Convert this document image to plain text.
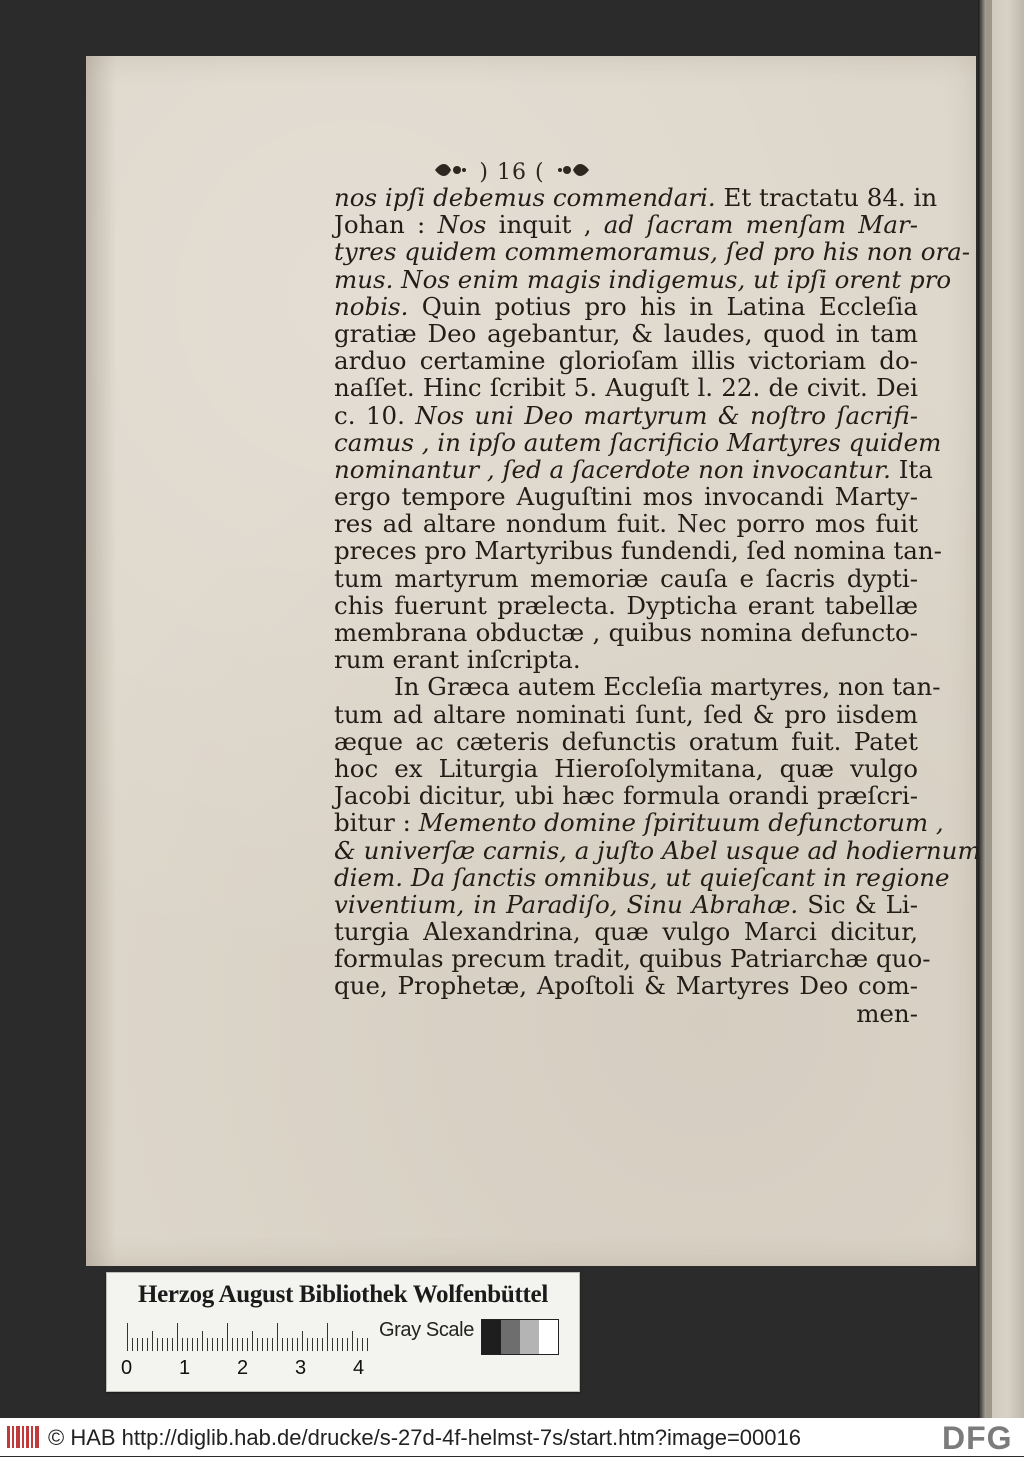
) 16 (
nos ipſi debemus commendari. Et tractatu 84. in
Johan : Nos inquit , ad ſacram menſam Mar-
tyres quidem commemoramus, ſed pro his non ora-
mus. Nos enim magis indigemus, ut ipſi orent pro
nobis. Quin potius pro his in Latina Eccleſia
gratiæ Deo agebantur, & laudes, quod in tam
arduo certamine glorioſam illis victoriam do-
naſſet. Hinc ſcribit 5. Auguſt l. 22. de civit. Dei
c. 10. Nos uni Deo martyrum & noſtro ſacrifi-
camus , in ipſo autem ſacrificio Martyres quidem
nominantur , ſed a ſacerdote non invocantur. Ita
ergo tempore Auguſtini mos invocandi Marty-
res ad altare nondum fuit. Nec porro mos fuit
preces pro Martyribus fundendi, ſed nomina tan-
tum martyrum memoriæ cauſa e ſacris dypti-
chis fuerunt prælecta. Dypticha erant tabellæ
membrana obductæ , quibus nomina defuncto-
rum erant inſcripta.
In Græca autem Eccleſia martyres, non tan-
tum ad altare nominati ſunt, ſed & pro iisdem
æque ac cæteris defunctis oratum fuit. Patet
hoc ex Liturgia Hieroſolymitana, quæ vulgo
Jacobi dicitur, ubi hæc formula orandi præſcri-
bitur : Memento domine ſpirituum defunctorum ,
& univerſæ carnis, a juſto Abel usque ad hodiernum
diem. Da ſanctis omnibus, ut quieſcant in regione
viventium, in Paradiſo, Sinu Abrahæ. Sic & Li-
turgia Alexandrina, quæ vulgo Marci dicitur,
formulas precum tradit, quibus Patriarchæ quo-
que, Prophetæ, Apoſtoli & Martyres Deo com-
men-
Herzog August Bibliothek Wolfenbüttel
0 1 2 3 4
Gray Scale
© HAB http://diglib.hab.de/drucke/s-27d-4f-helmst-7s/start.htm?image=00016	DFG
